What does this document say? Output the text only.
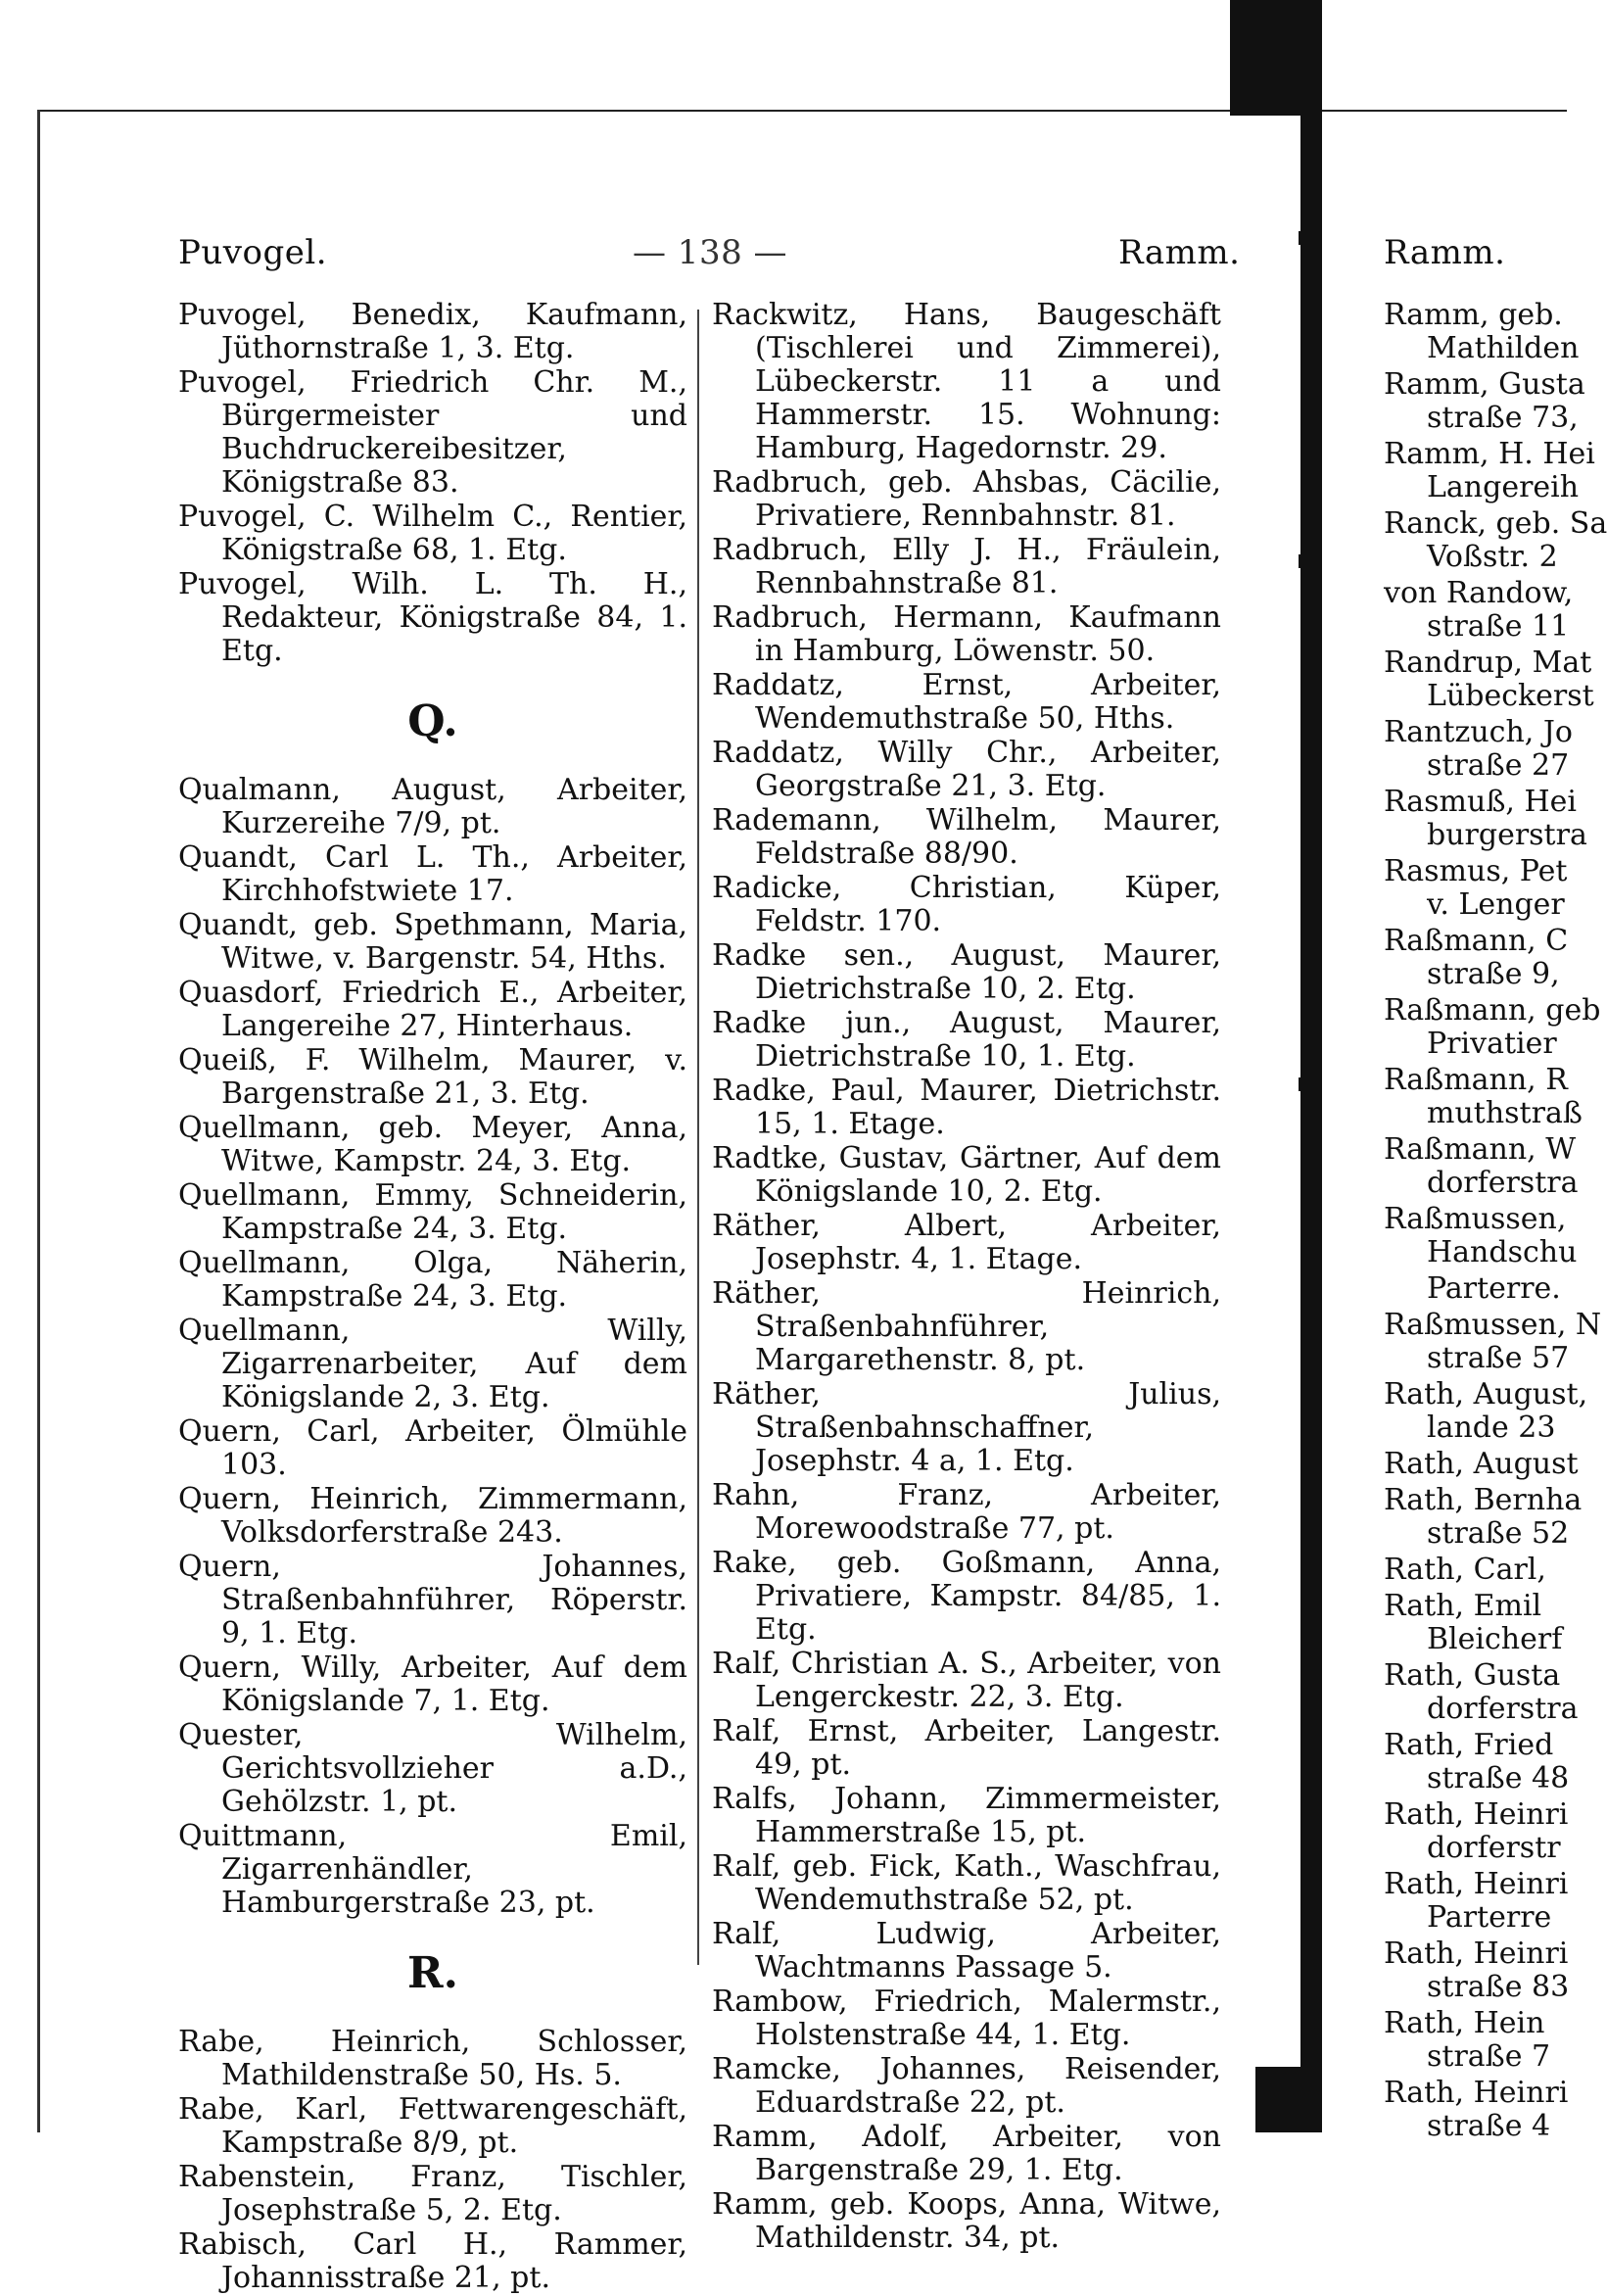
Puvogel.	— 138 —	Ramm.	Ramm.
Puvogel, Benedix, Kaufmann, Jüthornstraße 1, 3. Etg.
Puvogel, Friedrich Chr. M., Bürgermeister und Buchdruckereibesitzer, Königstraße 83.
Puvogel, C. Wilhelm C., Rentier, Königstraße 68, 1. Etg.
Puvogel, Wilh. L. Th. H., Redakteur, Königstraße 84, 1. Etg.
Q.
Qualmann, August, Arbeiter, Kurzereihe 7/9, pt.
Quandt, Carl L. Th., Arbeiter, Kirchhofstwiete 17.
Quandt, geb. Spethmann, Maria, Witwe, v. Bargenstr. 54, Hths.
Quasdorf, Friedrich E., Arbeiter, Langereihe 27, Hinterhaus.
Queiß, F. Wilhelm, Maurer, v. Bargenstraße 21, 3. Etg.
Quellmann, geb. Meyer, Anna, Witwe, Kampstr. 24, 3. Etg.
Quellmann, Emmy, Schneiderin, Kampstraße 24, 3. Etg.
Quellmann, Olga, Näherin, Kampstraße 24, 3. Etg.
Quellmann, Willy, Zigarrenarbeiter, Auf dem Königslande 2, 3. Etg.
Quern, Carl, Arbeiter, Ölmühle 103.
Quern, Heinrich, Zimmermann, Volksdorferstraße 243.
Quern, Johannes, Straßenbahnführer, Röperstr. 9, 1. Etg.
Quern, Willy, Arbeiter, Auf dem Königslande 7, 1. Etg.
Quester, Wilhelm, Gerichtsvollzieher a.D., Gehölzstr. 1, pt.
Quittmann, Emil, Zigarrenhändler, Hamburgerstraße 23, pt.
R.
Rabe, Heinrich, Schlosser, Mathildenstraße 50, Hs. 5.
Rabe, Karl, Fettwarengeschäft, Kampstraße 8/9, pt.
Rabenstein, Franz, Tischler, Josephstraße 5, 2. Etg.
Rabisch, Carl H., Rammer, Johannisstraße 21, pt.
Rackwitz, Hans, Baugeschäft (Tischlerei und Zimmerei), Lübeckerstr. 11 a und Hammerstr. 15. Wohnung: Hamburg, Hagedornstr. 29.
Radbruch, geb. Ahsbas, Cäcilie, Privatiere, Rennbahnstr. 81.
Radbruch, Elly J. H., Fräulein, Rennbahnstraße 81.
Radbruch, Hermann, Kaufmann in Hamburg, Löwenstr. 50.
Raddatz, Ernst, Arbeiter, Wendemuthstraße 50, Hths.
Raddatz, Willy Chr., Arbeiter, Georgstraße 21, 3. Etg.
Rademann, Wilhelm, Maurer, Feldstraße 88/90.
Radicke, Christian, Küper, Feldstr. 170.
Radke sen., August, Maurer, Dietrichstraße 10, 2. Etg.
Radke jun., August, Maurer, Dietrichstraße 10, 1. Etg.
Radke, Paul, Maurer, Dietrichstr. 15, 1. Etage.
Radtke, Gustav, Gärtner, Auf dem Königslande 10, 2. Etg.
Räther, Albert, Arbeiter, Josephstr. 4, 1. Etage.
Räther, Heinrich, Straßenbahnführer, Margarethenstr. 8, pt.
Räther, Julius, Straßenbahnschaffner, Josephstr. 4 a, 1. Etg.
Rahn, Franz, Arbeiter, Morewoodstraße 77, pt.
Rake, geb. Goßmann, Anna, Privatiere, Kampstr. 84/85, 1. Etg.
Ralf, Christian A. S., Arbeiter, von Lengerckestr. 22, 3. Etg.
Ralf, Ernst, Arbeiter, Langestr. 49, pt.
Ralfs, Johann, Zimmermeister, Hammerstraße 15, pt.
Ralf, geb. Fick, Kath., Waschfrau, Wendemuthstraße 52, pt.
Ralf, Ludwig, Arbeiter, Wachtmanns Passage 5.
Rambow, Friedrich, Malermstr., Holstenstraße 44, 1. Etg.
Ramcke, Johannes, Reisender, Eduardstraße 22, pt.
Ramm, Adolf, Arbeiter, von Bargenstraße 29, 1. Etg.
Ramm, geb. Koops, Anna, Witwe, Mathildenstr. 34, pt.
Ramm, geb.
Mathilden
Ramm, Gusta
straße 73,
Ramm, H. Hei
Langereih
Ranck, geb. Sa
Voßstr. 2
von Randow,
straße 11
Randrup, Mat
Lübeckerst
Rantzuch, Jo
straße 27
Rasmuß, Hei
burgerstra
Rasmus, Pet
v. Lenger
Raßmann, C
straße 9,
Raßmann, geb
Privatier
Raßmann, R
muthstraß
Raßmann, W
dorferstra
Raßmussen,
Handschu
Parterre.
Raßmussen, N
straße 57
Rath, August,
lande 23
Rath, August
Rath, Bernha
straße 52
Rath, Carl,
Rath, Emil
Bleicherf
Rath, Gusta
dorferstra
Rath, Fried
straße 48
Rath, Heinri
dorferstr
Rath, Heinri
Parterre
Rath, Heinri
straße 83
Rath, Hein
straße 7
Rath, Heinri
straße 4
